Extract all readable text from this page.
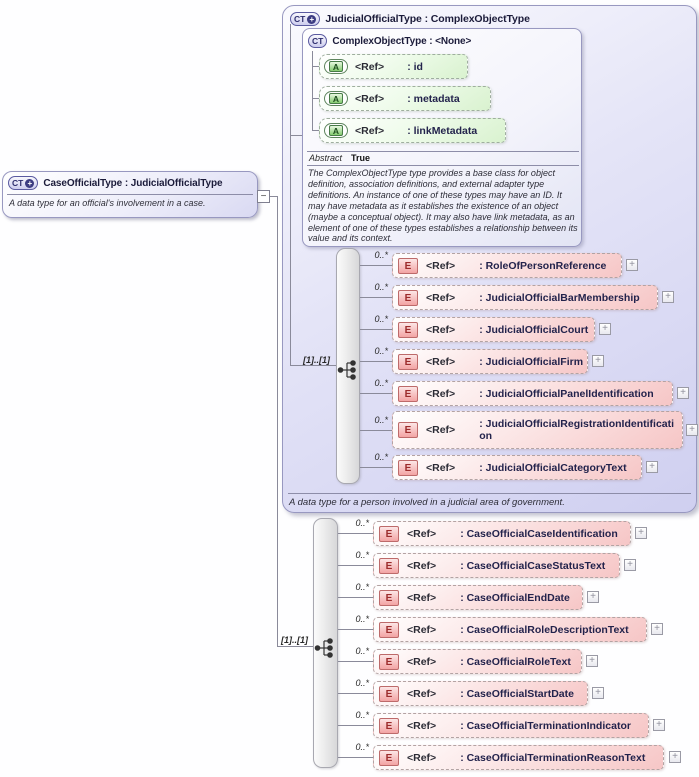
CT + CaseOfficialType : JudicialOfficialType
A data type for an official's involvement in a case.
−
CT + JudicialOfficialType : ComplexObjectType
CT ComplexObjectType : <None>
A	<Ref> : id
A	<Ref> : metadata
A	<Ref> : linkMetadata
Abstract True
The ComplexObjectType type provides a base class for object definition, association definitions, and external adapter type definitions. An instance of one of these types may have an ID. It may have metadata as it establishes the existence of an object (maybe a conceptual object). It may also have link metadata, as an element of one of these types establishes a relationship between its value and its context.
[1]..[1]
0..*
E	<Ref> : RoleOfPersonReference	+
0..*
E	<Ref> : JudicialOfficialBarMembership	+
0..*
E	<Ref> : JudicialOfficialCourt	+
0..*
E	<Ref> : JudicialOfficialFirm	+
0..*
E	<Ref> : JudicialOfficialPanelIdentification	+
0..*
E	<Ref> : JudicialOfficialRegistrationIdentification
+
0..*
E	<Ref> : JudicialOfficialCategoryText	+
A data type for a person involved in a judicial area of government.
[1]..[1]
0..*
E	<Ref> : CaseOfficialCaseIdentification	+
0..*
E	<Ref> : CaseOfficialCaseStatusText	+
0..*
E	<Ref> : CaseOfficialEndDate	+
0..*
E	<Ref> : CaseOfficialRoleDescriptionText	+
0..*
E	<Ref> : CaseOfficialRoleText	+
0..*
E	<Ref> : CaseOfficialStartDate	+
0..*
E	<Ref> : CaseOfficialTerminationIndicator	+
0..*
E	<Ref> : CaseOfficialTerminationReasonText	+
